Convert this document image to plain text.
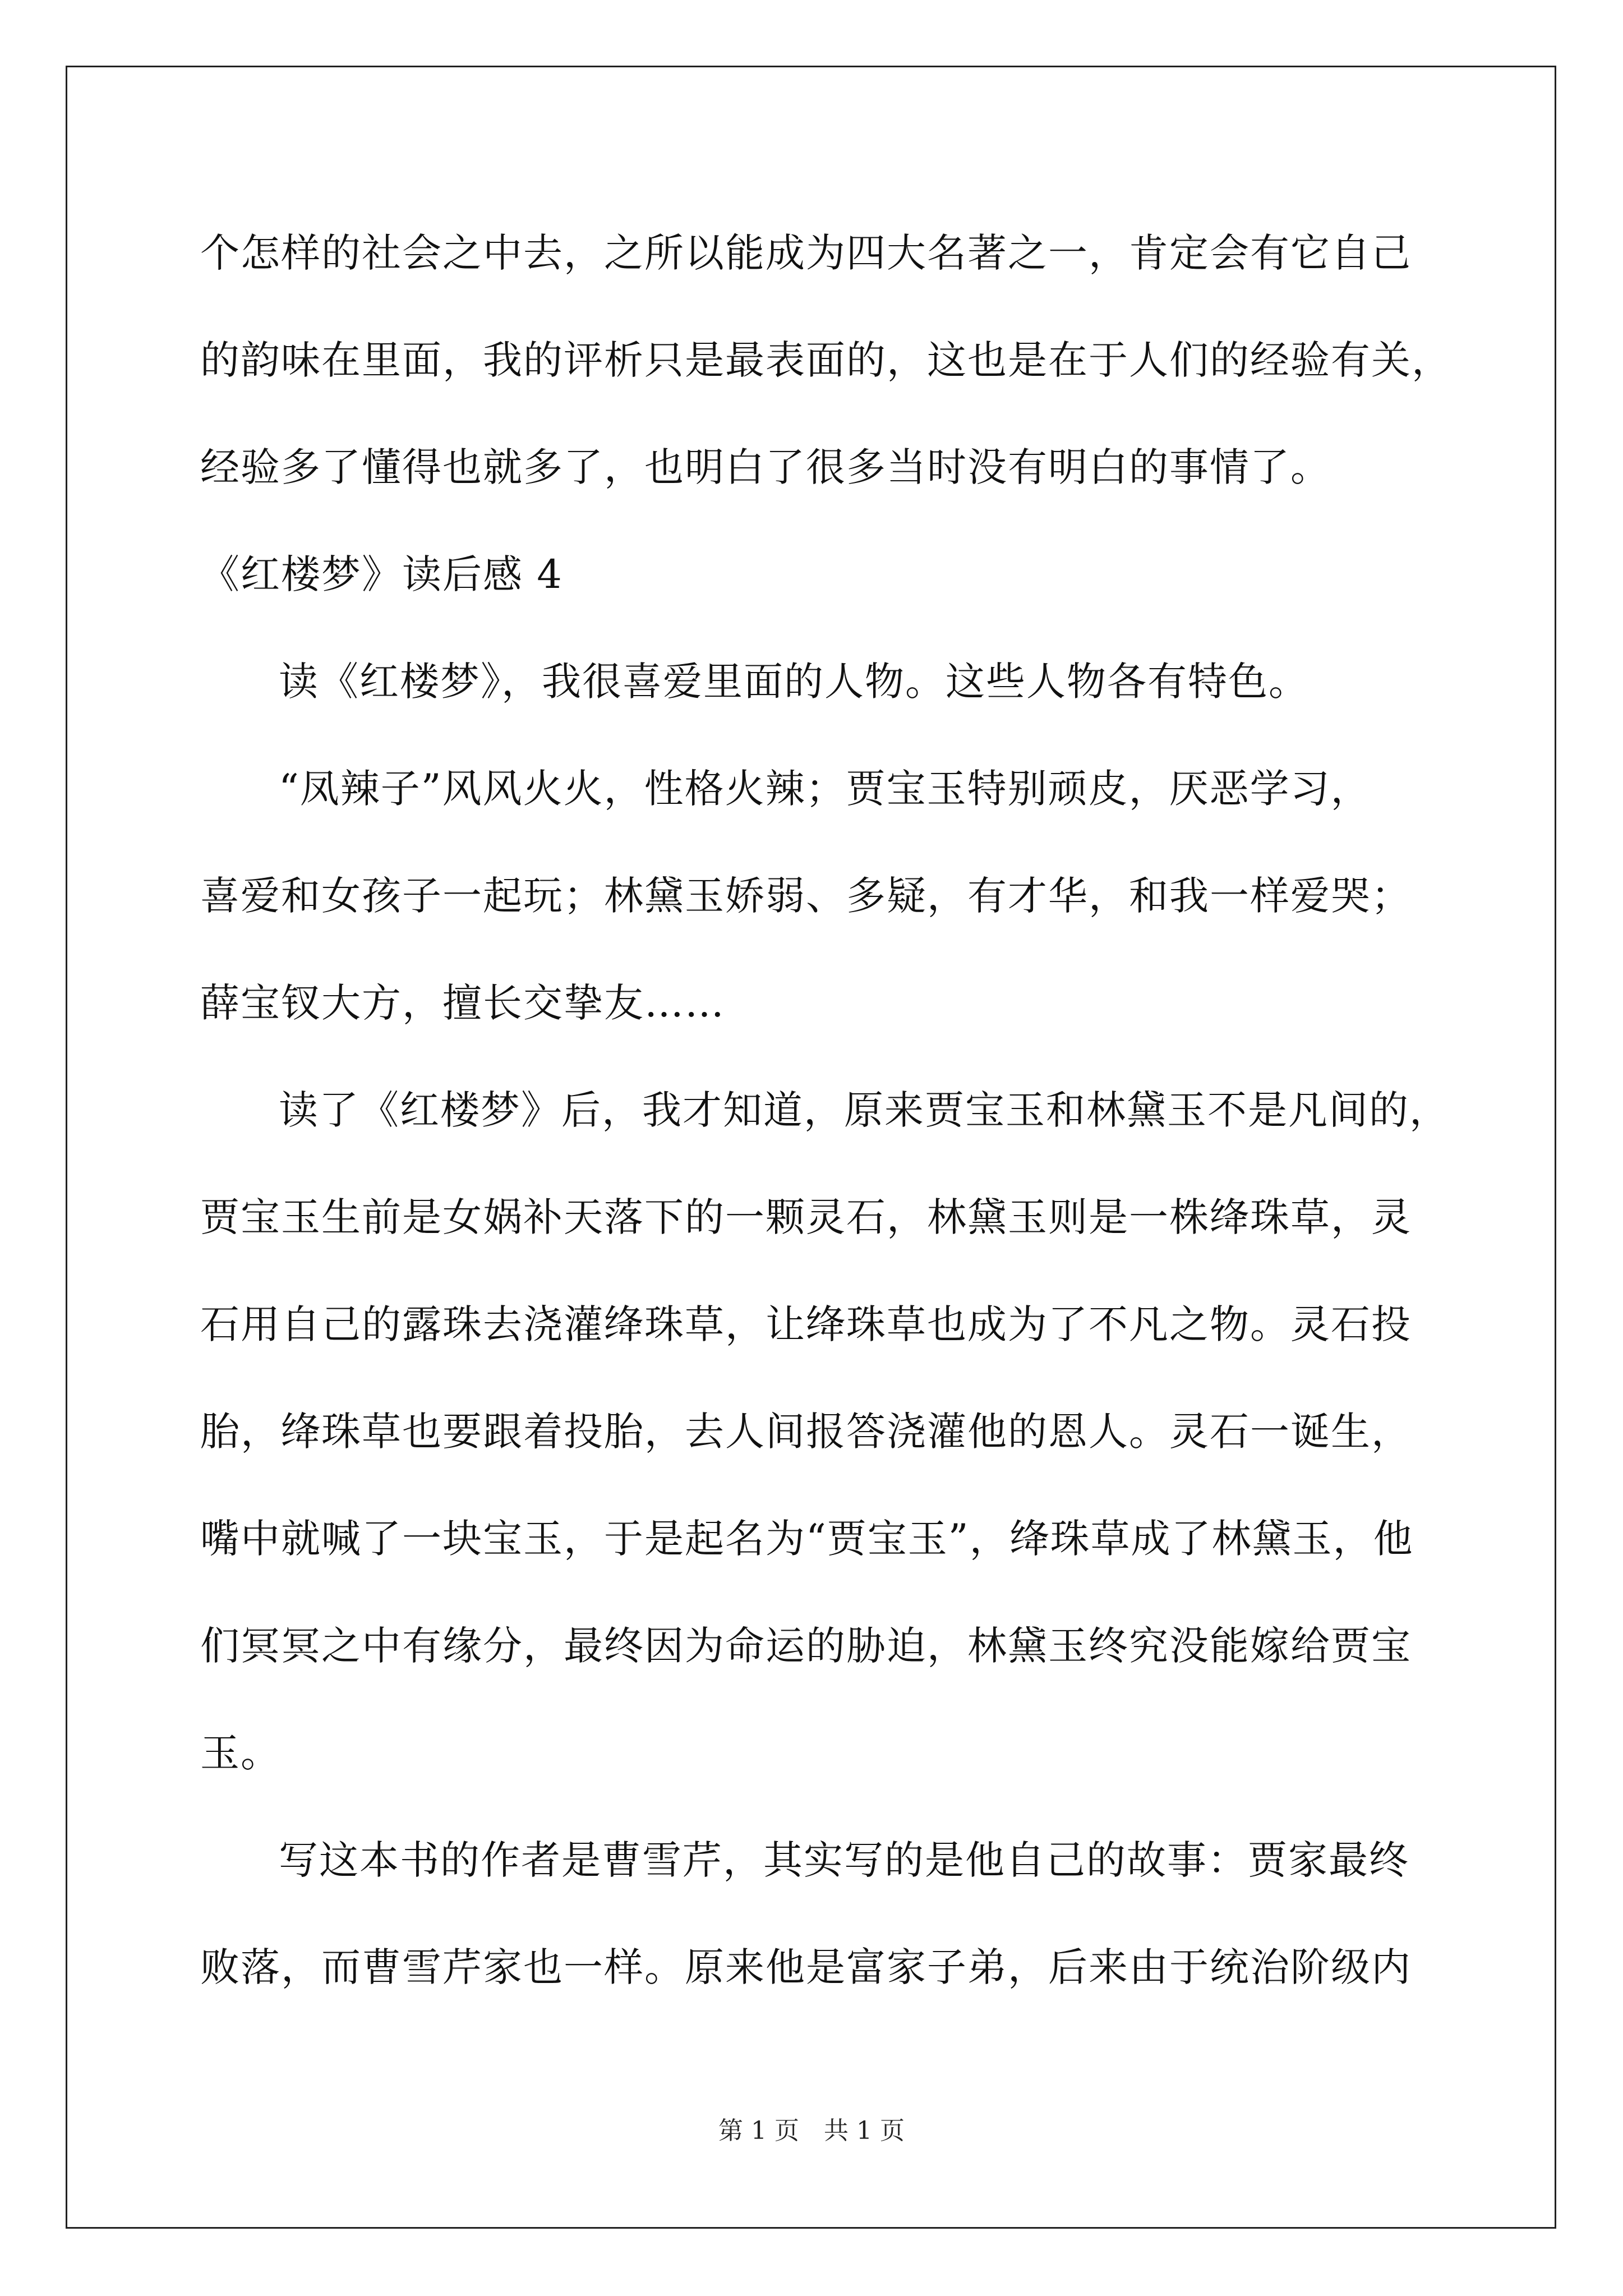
个怎样的社会之中去，之所以能成为四大名著之一，肯定会有它自己
的韵味在里面，我的评析只是最表面的，这也是在于人们的经验有关，
经验多了懂得也就多了，也明白了很多当时没有明白的事情了。
《红楼梦》读后感 4
读《红楼梦》，我很喜爱里面的人物。这些人物各有特色。
“凤辣子”风风火火，性格火辣；贾宝玉特别顽皮，厌恶学习，
喜爱和女孩子一起玩；林黛玉娇弱、多疑，有才华，和我一样爱哭；
薛宝钗大方，擅长交挚友……
读了《红楼梦》后，我才知道，原来贾宝玉和林黛玉不是凡间的，
贾宝玉生前是女娲补天落下的一颗灵石，林黛玉则是一株绛珠草，灵
石用自己的露珠去浇灌绛珠草，让绛珠草也成为了不凡之物。灵石投
胎，绛珠草也要跟着投胎，去人间报答浇灌他的恩人。灵石一诞生，
嘴中就喊了一块宝玉，于是起名为“贾宝玉”，绛珠草成了林黛玉，他
们冥冥之中有缘分，最终因为命运的胁迫，林黛玉终究没能嫁给贾宝
玉。
写这本书的作者是曹雪芹，其实写的是他自己的故事：贾家最终
败落，而曹雪芹家也一样。原来他是富家子弟，后来由于统治阶级内
第 1 页　共 1 页
